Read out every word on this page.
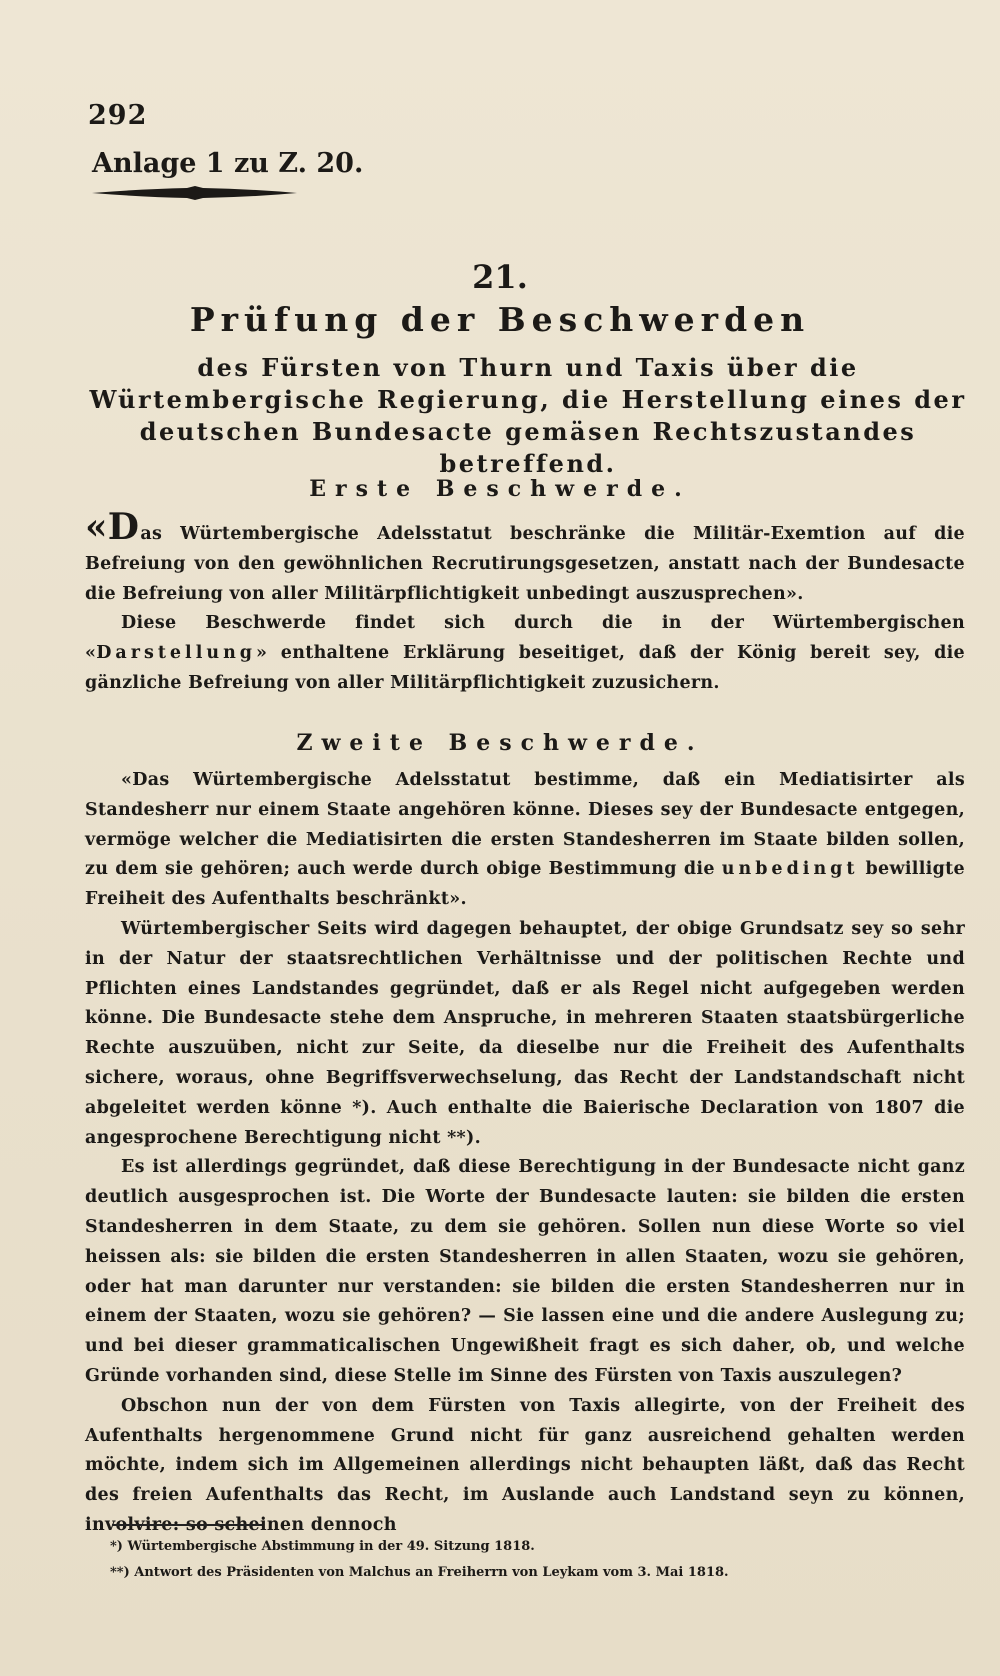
292
Anlage 1 zu Z. 20.
21.
Prüfung der Beschwerden
des Fürsten von Thurn und Taxis über die Würtembergische Regierung, die Herstellung eines der deutschen Bundesacte gemäsen Rechtszustandes betreffend.
Erste Beschwerde.

«Das Würtembergische Adelsstatut beschränke die Militär-Exemtion auf die Befreiung von den gewöhnlichen Recrutirungsgesetzen, anstatt nach der Bundesacte die Befreiung von aller Militärpflichtigkeit unbedingt auszusprechen».

Diese Beschwerde findet sich durch die in der Würtembergischen «Darstellung» enthaltene Erklärung beseitiget, daß der König bereit sey, die gänzliche Befreiung von aller Militärpflichtigkeit zuzusichern.

Zweite Beschwerde.

«Das Würtembergische Adelsstatut bestimme, daß ein Mediatisirter als Standesherr nur einem Staate angehören könne. Dieses sey der Bundesacte entgegen, vermöge welcher die Mediatisirten die ersten Standesherren im Staate bilden sollen, zu dem sie gehören; auch werde durch obige Bestimmung die unbedingt bewilligte Freiheit des Aufenthalts beschränkt».

Würtembergischer Seits wird dagegen behauptet, der obige Grundsatz sey so sehr in der Natur der staatsrechtlichen Verhältnisse und der politischen Rechte und Pflichten eines Landstandes gegründet, daß er als Regel nicht aufgegeben werden könne. Die Bundesacte stehe dem Anspruche, in mehreren Staaten staatsbürgerliche Rechte auszuüben, nicht zur Seite, da dieselbe nur die Freiheit des Aufenthalts sichere, woraus, ohne Begriffsverwechselung, das Recht der Landstandschaft nicht abgeleitet werden könne *). Auch enthalte die Baierische Declaration von 1807 die angesprochene Berechtigung nicht **).

Es ist allerdings gegründet, daß diese Berechtigung in der Bundesacte nicht ganz deutlich ausgesprochen ist. Die Worte der Bundesacte lauten: sie bilden die ersten Standesherren in dem Staate, zu dem sie gehören. Sollen nun diese Worte so viel heissen als: sie bilden die ersten Standesherren in allen Staaten, wozu sie gehören, oder hat man darunter nur verstanden: sie bilden die ersten Standesherren nur in einem der Staaten, wozu sie gehören? — Sie lassen eine und die andere Auslegung zu; und bei dieser grammaticalischen Ungewißheit fragt es sich daher, ob, und welche Gründe vorhanden sind, diese Stelle im Sinne des Fürsten von Taxis auszulegen?

Obschon nun der von dem Fürsten von Taxis allegirte, von der Freiheit des Aufenthalts hergenommene Grund nicht für ganz ausreichend gehalten werden möchte, indem sich im Allgemeinen allerdings nicht behaupten läßt, daß das Recht des freien Aufenthalts das Recht, im Auslande auch Landstand seyn zu können, involvire: so scheinen dennoch

*) Würtembergische Abstimmung in der 49. Sitzung 1818.
**) Antwort des Präsidenten von Malchus an Freiherrn von Leykam vom 3. Mai 1818.
